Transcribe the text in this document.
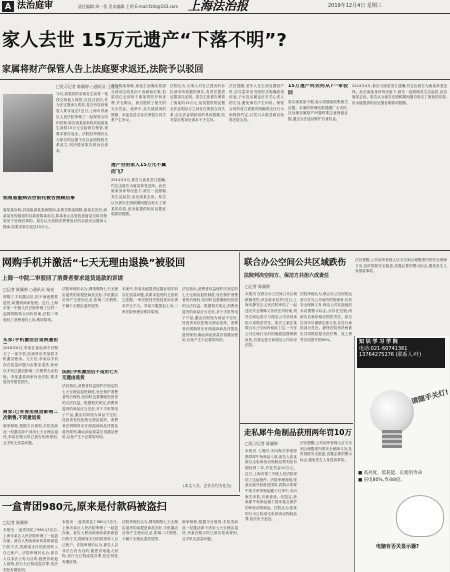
A 法治庭审	责任编辑 周一恒 美术编辑 王明 E-mail:fzrb@163.com 上海法治报	2019年12月4日 星期三
家人去世 15万元遗产“下落不明”?
家属将财产保管人告上法庭要求返还,法院予以驳回
□见习记者 陈颖婷 ○通讯员 王佳佳
今后,如果你的亲戚在生前将一笔钱交给他人保管,在其过世后,作为法定继承人的你,是否有权向保管人要求返还?近日,上海市青浦区人民法院审理了一起保管合同纠纷案,原告唐某某诉称其姐唐某生前将15万元交给被告保管,现要求被告返还。法院经审理后认为原告的证据不足以证明保管关系成立,判决驳回原告的诉讼请求。
姐姐患重病去世前托被告照顾后事
唐某某诉称,其姐姐唐某患病期间,由被告陈某照顾,唐某去世后,唐某某发现姐姐的存款被陈某取走,陈某表示这笔钱是唐某交给其保管用于处理后事的。原告认为扣除丧葬费用后的余款应由继承人继承,故要求被告返还15万元。
被告陈某辩称,唐某生前确实将部分款项交给其用于治病和后事,但款项已全部用于唐某的医疗和丧葬,并无剩余。被告提供了相关的支出凭证。庭审中,双方就款项的数额、用途及是否存在保管合同关系产生争议。
遗产空的家人15万元不翼而飞?
2014年4月,被告与唐某签订遗嘱,约定由被告为唐某养老送终。此后唐某身体每况愈下,被告一直照顾其生活起居,直至唐某去世。原告认为被告在照顾期间擅自取走了唐某的存款,但未能提供相应证据证明款项数额。
法院认为,当事人对自己提出的诉讼请求所依据的事实,有责任提供证据加以证明。原告主张被告保管了唐某的15万元,但其提供的证据无法证明双方之间存在保管合同关系,亦无法证明款项的具体数额,故对原告的诉讼请求不予支持。
法官提醒,老年人在生前处置财产时,应尽量采用书面形式明确款项用途,子女及亲属也应多关心老人的生活,避免事后产生纠纷。保管合同的成立需要有明确的交付行为和保管约定,仅凭口头陈述难以获得法院支持。
15万遗产何去何从?一审驳回
原告唐某某不服,表示将继续收集相关证据。本案的审理结果提醒广大市民,在处理亲属财产问题时要注意保留证据,通过合法途径维护自身权益。
2014年4月,被告与唐某签订遗嘱,约定由被告为唐某养老送终。此后唐某身体每况愈下,被告一直照顾其生活起居,直至唐某去世。原告认为被告在照顾期间擅自取走了唐某的存款,但未能提供相应证据证明款项数额。
网购手机并激活“七天无理由退换”被驳回
上海一中院二审驳回了消费者要求退货退款的诉请
□记者 陈颖婷 ○通讯员 杨亮
网购了手机激活后,因不满意想要退货,却遭到商家拒绝。近日,上海市第一中级人民法院审理了这样一起网络购物合同纠纷案,法院二审驳回了消费者的上诉,维持原判。
买家:手机激活后退换遭拒
2018年6月,李某在某电商平台购买了一部手机,收到货后李某将手机激活使用。几天后,李某以手机存在质量问题为由要求退货,商家以手机已激活影响二次销售为由拒绝。李某遂将商家诉至法院,要求退货并赔偿损失。
商家:已有使用痕迹影响二次销售,不同意退货
商家辩称,根据平台规则,手机类商品一经激活即不适用七天无理由退货,李某在购买时已被告知该规则,且手机无质量问题。
法院审理后认为,网络购物七天无理由退货的前提是商品完好,手机激活后即产生使用记录,影响二次销售,不属于无理由退货范围。
法院:手机激活后不适用七天无理由退货
法官指出,消费者权益保护法规定的七天无理由退货制度,旨在保护消费者的后悔权,但同时也要兼顾经营者的合法权益。根据相关规定,消费者退货的商品应当完好,对于手机等电子产品,激活后即视为商品不完好,经营者有权拒绝无理由退货。消费者在网购时应仔细阅读商品详情及退货规则,确认商品质量后再激活使用,以免产生不必要的纠纷。
本案中,李某未能提供证据证明手机存在质量问题,其要求退货的主张缺乏依据,一审法院判决驳回其诉讼请求并无不当。李某不服提起上诉,二审法院审理后维持原判。
法官指出,消费者权益保护法规定的七天无理由退货制度,旨在保护消费者的后悔权,但同时也要兼顾经营者的合法权益。根据相关规定,消费者退货的商品应当完好,对于手机等电子产品,激活后即视为商品不完好,经营者有权拒绝无理由退货。消费者在网购时应仔细阅读商品详情及退货规则,确认商品质量后再激活使用,以免产生不必要的纠纷。
(本文人名、企业名均为化名)
联合办公空间公共区域跌伤
法院判决空间方、保洁方共担六成责任
□记者 陈颖婷
本报讯 在联合办公空间公共区域跌倒受伤,该由谁来担责?近日,上海市静安区人民法院审结了一起违反安全保障义务责任纠纷案,判决空间运营方与保洁公司共同承担六成赔偿责任。原告王某在某联合办公空间内租用工位,一天在公共区域行走时因地面湿滑摔倒致伤,后将运营方和保洁公司诉至法院。
法院审理认为,联合办公空间的运营方作为公共场所的管理者,负有安全保障义务,保洁公司在拖地后未设置警示标志,亦存在过错,两被告应承担相应赔偿责任。原告自身未尽谨慎注意义务,应自行承担部分责任。最终法院判决两被告共同赔偿原告医疗费、误工费等各项损失的60%。
法官提醒,公共场所管理人应当尽到合理限度内的安全保障义务,及时排除安全隐患,设置必要的警示标志,避免发生人身损害事故。
走私犀牛角制品获刑两年罚10万
□见习记者 陈颖婷
本报讯 入境时,未向海关申报即携带犀牛角制品入境,被告人张某被以走私珍贵动物制品罪判处有期徒刑二年,并处罚金10万元。近日,上海市第三中级人民法院审结了这起案件。法院审理查明,张某从境外旅游回国时,将购买的犀牛角手串等制品藏于行李中,未向海关申报,后被查获。经鉴定,涉案犀牛角制品属于国家重点保护的珍贵动物制品。法院认为,张某的行为已构成走私珍贵动物制品罪,依法应予惩处。
法官提醒,公共场所管理人应当尽到合理限度内的安全保障义务,及时排除安全隐患,设置必要的警示标志,避免发生人身损害事故。
一盒青团980元,原来是付款码被盗扫
□记者 陈颖婷
本报讯 一盒青团花了980元?近日,上海市某区人民法院审理了一起盗窃案。被告人利用商家收款码被盗扫的方式,将顾客支付的款项转入自己账户。法院审理后认为,被告人以非法占有为目的,秘密窃取他人财物,其行为已构成盗窃罪,依法判处有期徒刑。
本报讯 一盒青团花了980元?近日,上海市某区人民法院审理了一起盗窃案。被告人利用商家收款码被盗扫的方式,将顾客支付的款项转入自己账户。法院审理后认为,被告人以非法占有为目的,秘密窃取他人财物,其行为已构成盗窃罪,依法判处有期徒刑。
法院审理后认为,网络购物七天无理由退货的前提是商品完好,手机激活后即产生使用记录,影响二次销售,不属于无理由退货范围。
商家辩称,根据平台规则,手机类商品一经激活即不适用七天无理由退货,李某在购买时已被告知该规则,且手机无质量问题。
知 识 学 习 学 院
电话:021-60741361
13764275276 (联系人:叶)
请随手关灯!
■ 高亮度、低耗能、长使用寿命
■ 省电80%,寿命8倍。
电脑有否关显示器?
